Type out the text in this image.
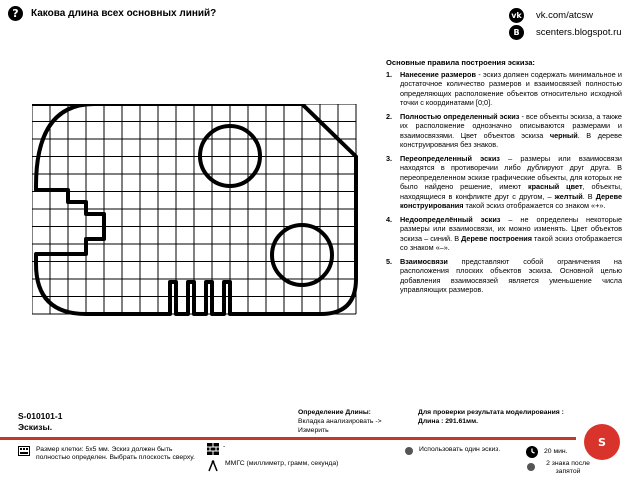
?	Какова длина всех основных линий?	vk vk.com/atcsw
B	scenters.blogspot.ru
Основные правила построения эскиза:
1. Нанесение размеров - эскиз должен содержать минимальное и достаточное количество размеров и взаимосвязей полностью определяющих расположение объектов относительно исходной точки с координатами [0;0].
2. Полностью определенный эскиз - все объекты эскиза, а также их расположение однозначно описываются размерами и взаимосвязями. Цвет объектов эскиза черный. В дереве конструирования без знаков.
3. Переопределенный эскиз – размеры или взаимосвязи находятся в противоречии либо дублируют друг друга. В переопределенном эскизе графические объекты, для которых не было найдено решение, имеют красный цвет, объекты, находящиеся в конфликте друг с другом, – желтый. В Дереве конструирования такой эскиз отображается со знаком «+».
4. Недоопределённый эскиз – не определены некоторые размеры или взаимосвязи, их можно изменять. Цвет объектов эскиза – синий. В Дереве построения такой эскиз отображается со знаком «–».
5. Взаимосвязи представляют собой ограничения на расположения плоских объектов эскиза. Основной целью добавления взаимосвязей является уменьшение числа управляющих размеров.
S-010101-1
Эскизы.
Определение Длины:
Вкладка анализировать ->
Измерить
Для проверки результата моделирования :
Длина : 291.61мм.
S
Размер клетки: 5х5 мм. Эскиз должен быть полностью определен. Выбрать плоскость сверху.
-
ММГС (миллиметр, грамм, секунда)
Использовать один эскиз.	20 мин.
2 знака после запятой
